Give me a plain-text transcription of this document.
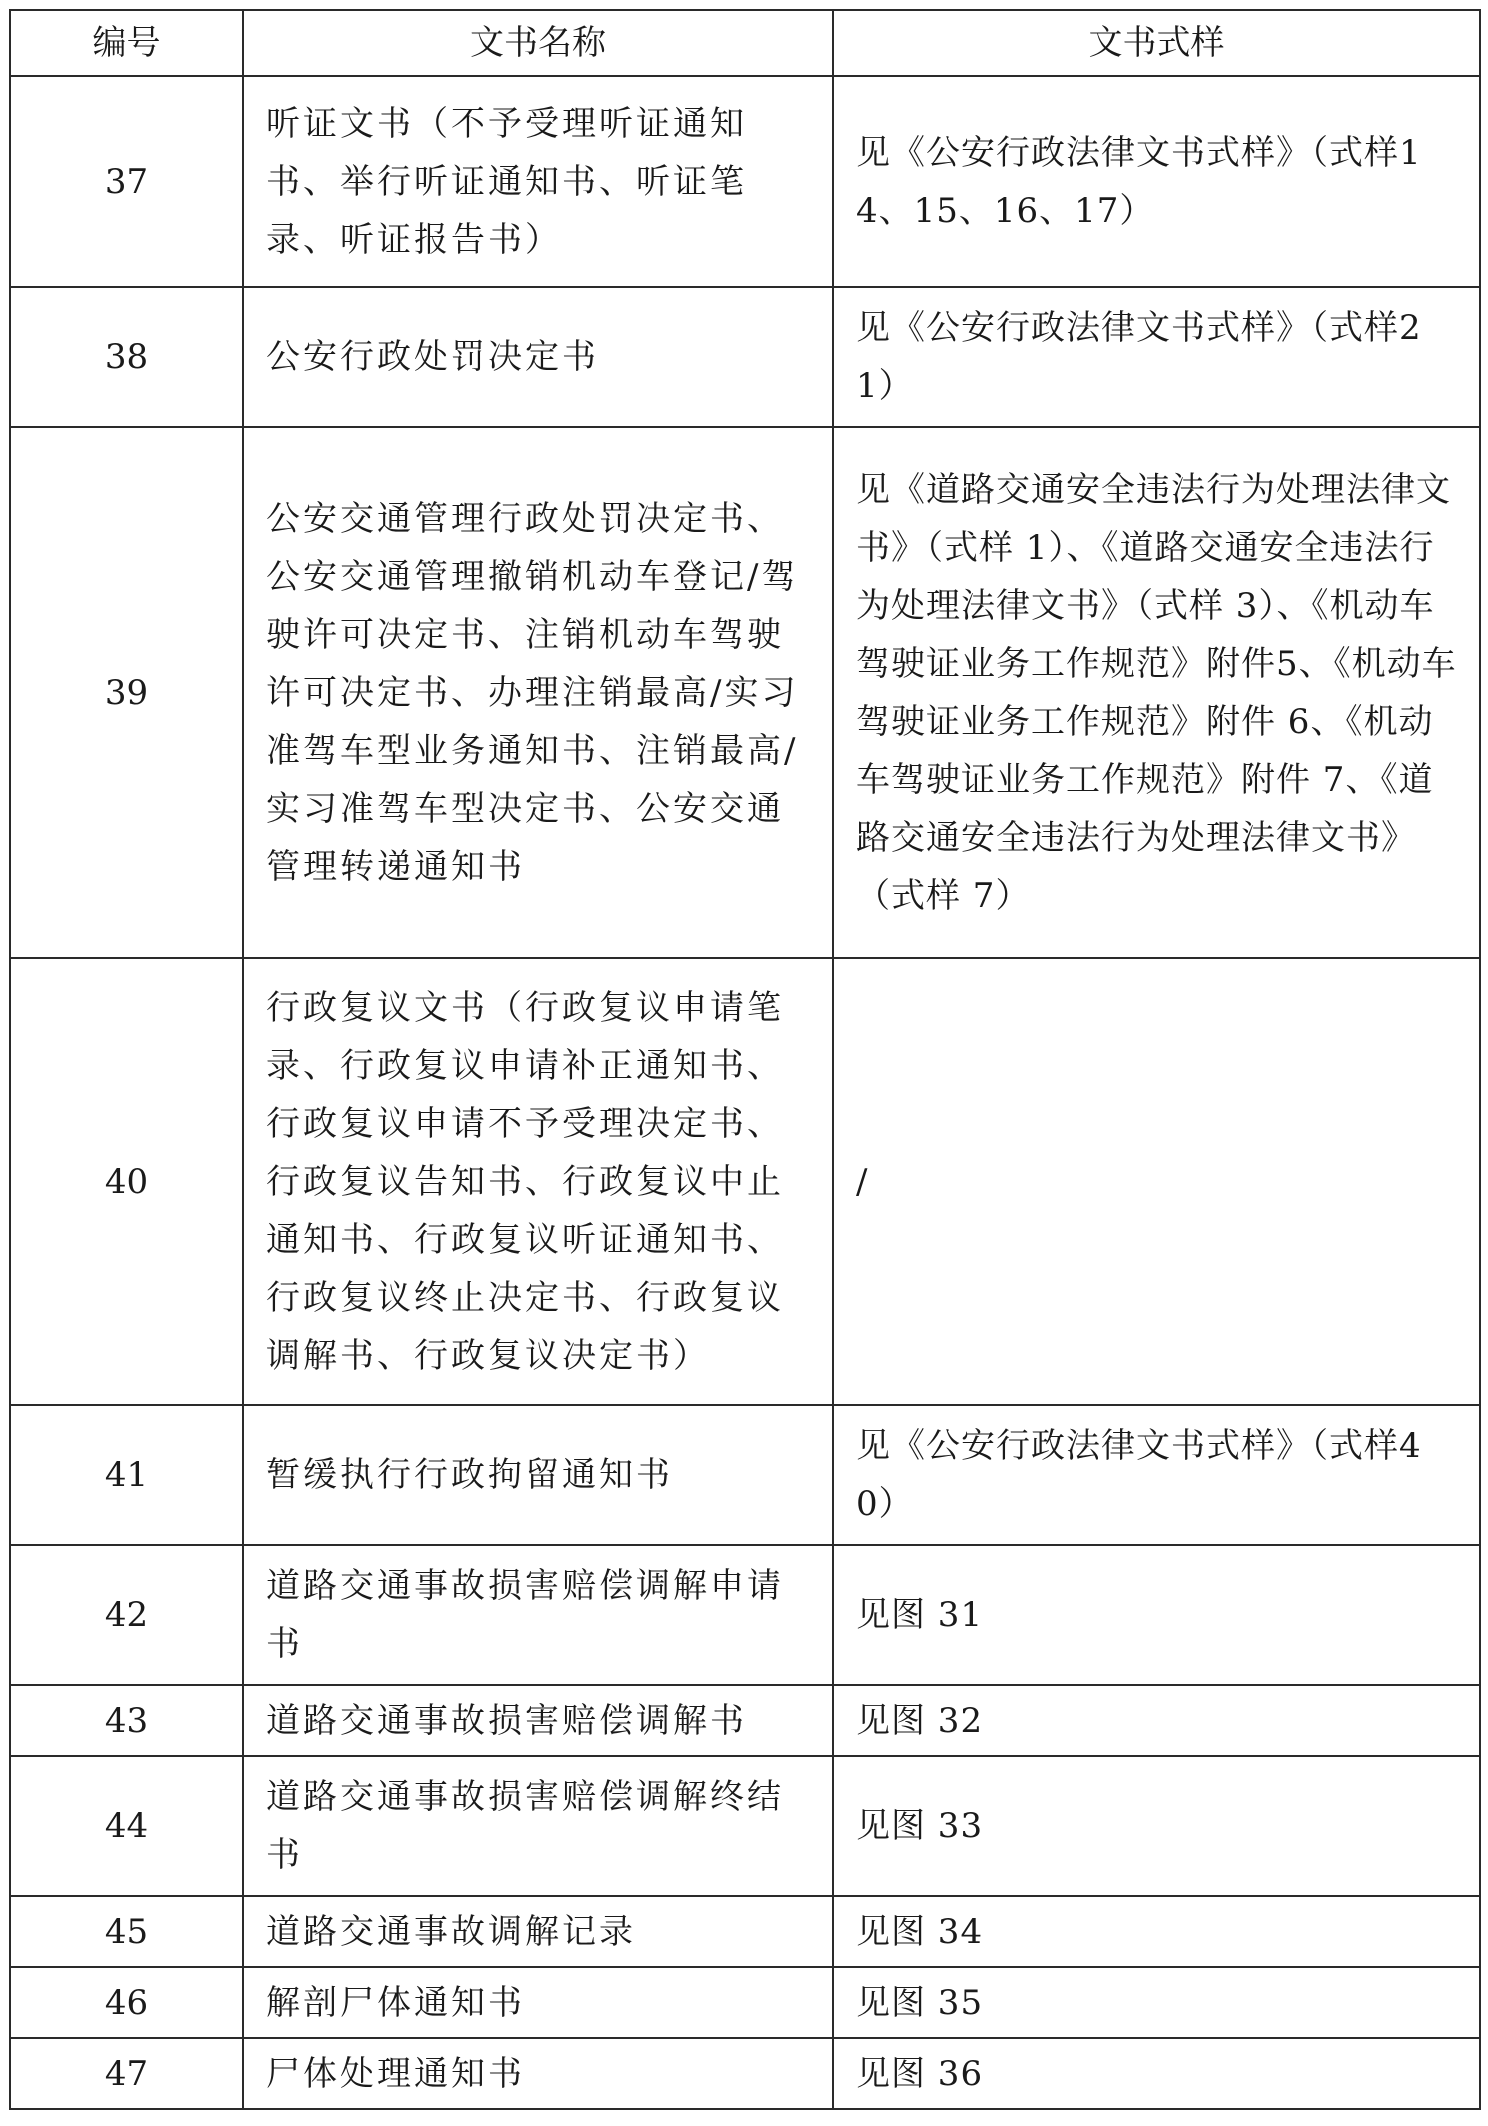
编号	文书名称	文书式样
37	听证文书（不予受理听证通知书、举行听证通知书、听证笔录、听证报告书）	见《公安行政法律文书式样》（式样14、15、16、17）
38	公安行政处罚决定书	见《公安行政法律文书式样》（式样21）
39	公安交通管理行政处罚决定书、公安交通管理撤销机动车登记/驾驶许可决定书、注销机动车驾驶许可决定书、办理注销最高/实习准驾车型业务通知书、注销最高/实习准驾车型决定书、公安交通管理转递通知书	见《道路交通安全违法行为处理法律文书》（式样 1）、《道路交通安全违法行为处理法律文书》（式样 3）、《机动车驾驶证业务工作规范》附件5、《机动车驾驶证业务工作规范》附件 6、《机动车驾驶证业务工作规范》附件 7、《道路交通安全违法行为处理法律文书》（式样 7）
40	行政复议文书（行政复议申请笔录、行政复议申请补正通知书、行政复议申请不予受理决定书、行政复议告知书、行政复议中止通知书、行政复议听证通知书、行政复议终止决定书、行政复议调解书、行政复议决定书）	/
41	暂缓执行行政拘留通知书	见《公安行政法律文书式样》（式样40）
42	道路交通事故损害赔偿调解申请书	见图 31
43	道路交通事故损害赔偿调解书	见图 32
44	道路交通事故损害赔偿调解终结书	见图 33
45	道路交通事故调解记录	见图 34
46	解剖尸体通知书	见图 35
47	尸体处理通知书	见图 36
